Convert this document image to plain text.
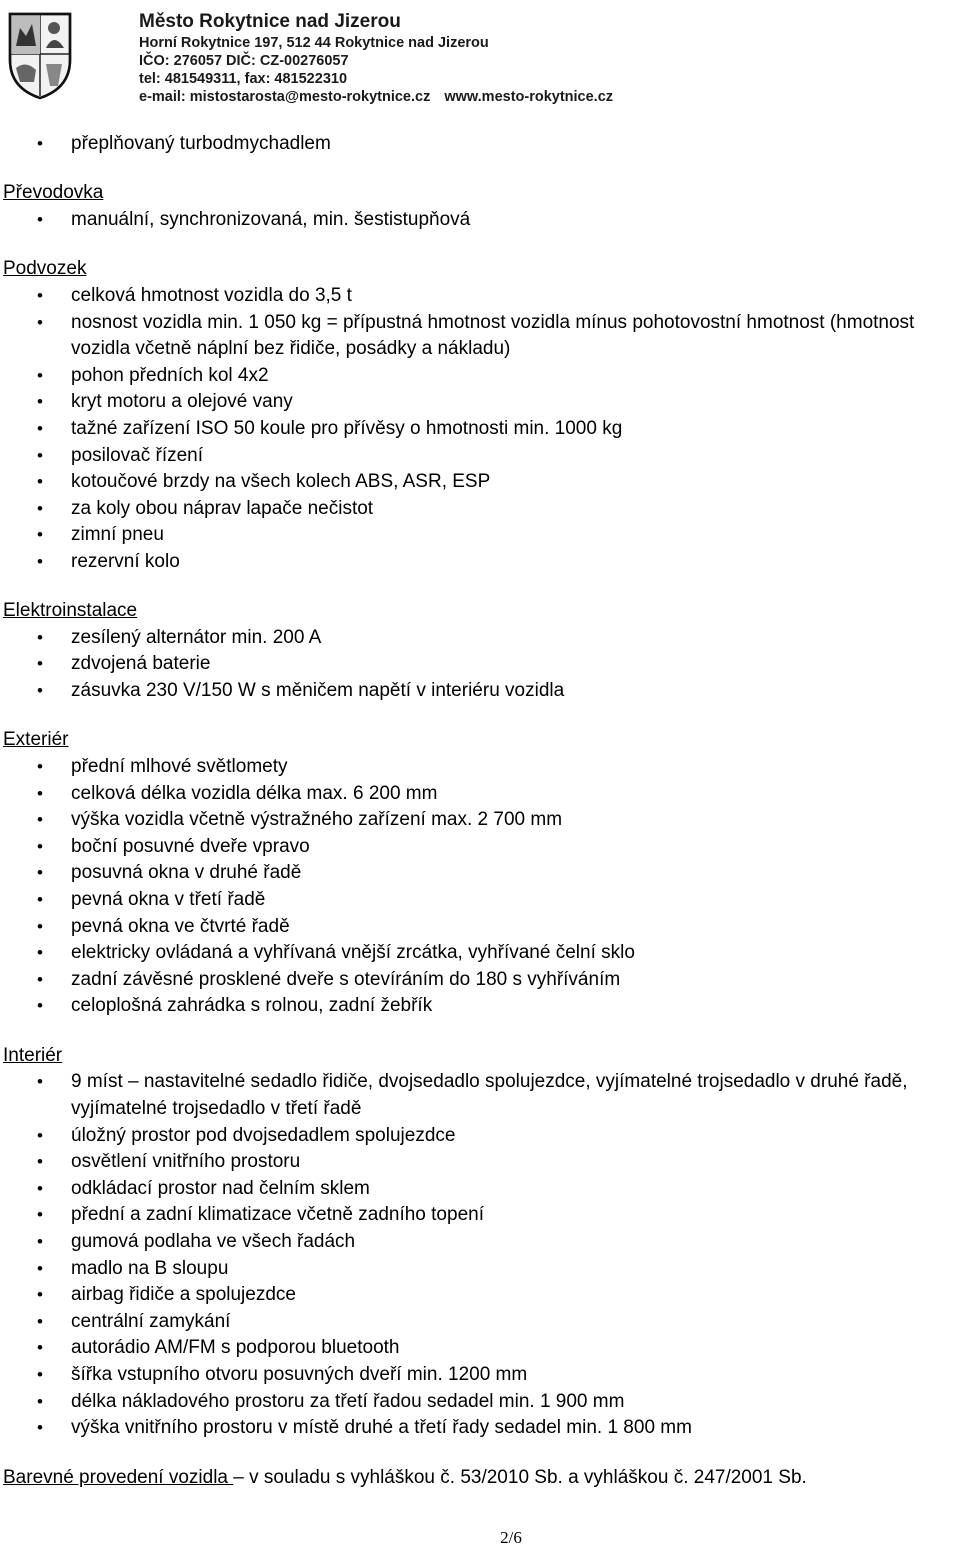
Město Rokytnice nad Jizerou
Horní Rokytnice 197, 512 44 Rokytnice nad Jizerou
IČO: 276057 DIČ: CZ-00276057
tel: 481549311, fax: 481522310
e-mail: mistostarosta@mesto-rokytnice.cz www.mesto-rokytnice.cz
• přeplňovaný turbodmychadlem
Převodovka
• manuální, synchronizovaná, min. šestistupňová
Podvozek
• celková hmotnost vozidla do 3,5 t
• nosnost vozidla min. 1 050 kg = přípustná hmotnost vozidla mínus pohotovostní hmotnost (hmotnost vozidla včetně náplní bez řidiče, posádky a nákladu)
• pohon předních kol 4x2
• kryt motoru a olejové vany
• tažné zařízení ISO 50 koule pro přívěsy o hmotnosti min. 1000 kg
• posilovač řízení
• kotoučové brzdy na všech kolech ABS, ASR, ESP
• za koly obou náprav lapače nečistot
• zimní pneu
• rezervní kolo
Elektroinstalace
• zesílený alternátor min. 200 A
• zdvojená baterie
• zásuvka 230 V/150 W s měničem napětí v interiéru vozidla
Exteriér
• přední mlhové světlomety
• celková délka vozidla délka max. 6 200 mm
• výška vozidla včetně výstražného zařízení max. 2 700 mm
• boční posuvné dveře vpravo
• posuvná okna v druhé řadě
• pevná okna v třetí řadě
• pevná okna ve čtvrté řadě
• elektricky ovládaná a vyhřívaná vnější zrcátka, vyhřívané čelní sklo
• zadní závěsné prosklené dveře s otevíráním do 180 s vyhříváním
• celoplošná zahrádka s rolnou, zadní žebřík
Interiér
• 9 míst – nastavitelné sedadlo řidiče, dvojsedadlo spolujezdce, vyjímatelné trojsedadlo v druhé řadě, vyjímatelné trojsedadlo v třetí řadě
• úložný prostor pod dvojsedadlem spolujezdce
• osvětlení vnitřního prostoru
• odkládací prostor nad čelním sklem
• přední a zadní klimatizace včetně zadního topení
• gumová podlaha ve všech řadách
• madlo na B sloupu
• airbag řidiče a spolujezdce
• centrální zamykání
• autorádio AM/FM s podporou bluetooth
• šířka vstupního otvoru posuvných dveří min. 1200 mm
• délka nákladového prostoru za třetí řadou sedadel min. 1 900 mm
• výška vnitřního prostoru v místě druhé a třetí řady sedadel min. 1 800 mm
Barevné provedení vozidla – v souladu s vyhláškou č. 53/2010 Sb. a vyhláškou č. 247/2001 Sb.
2/6
